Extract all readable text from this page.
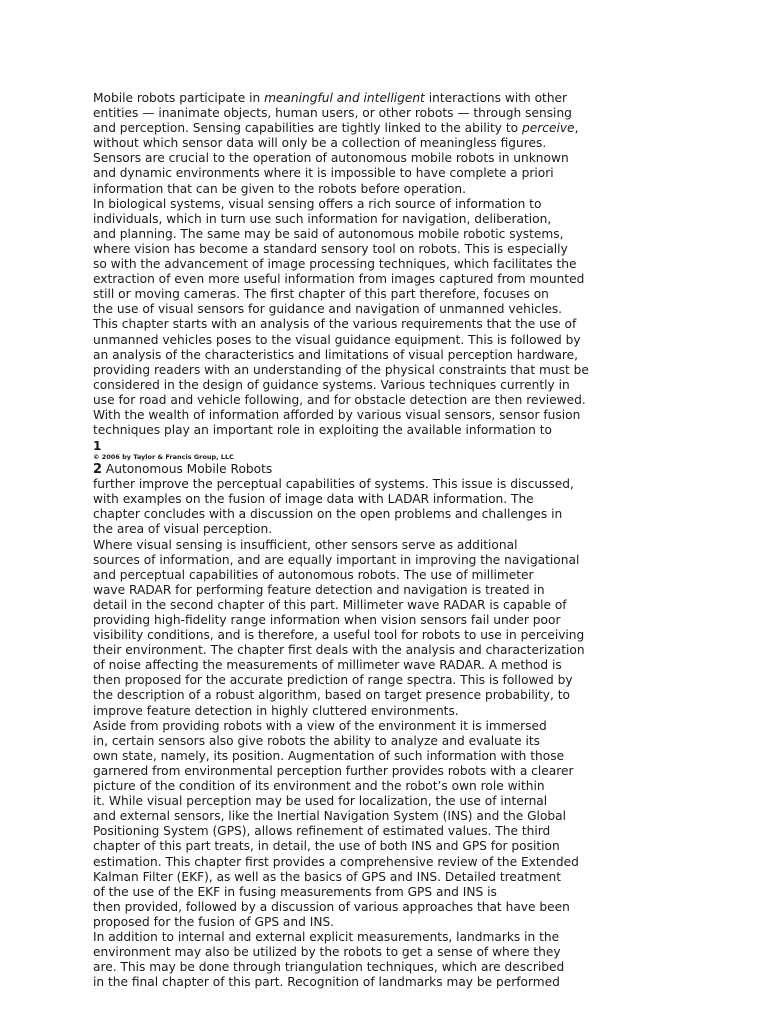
Mobile robots participate in meaningful and intelligent interactions with other
entities — inanimate objects, human users, or other robots — through sensing
and perception. Sensing capabilities are tightly linked to the ability to perceive,
without which sensor data will only be a collection of meaningless figures.
Sensors are crucial to the operation of autonomous mobile robots in unknown
and dynamic environments where it is impossible to have complete a priori
information that can be given to the robots before operation.
In biological systems, visual sensing offers a rich source of information to
individuals, which in turn use such information for navigation, deliberation,
and planning. The same may be said of autonomous mobile robotic systems,
where vision has become a standard sensory tool on robots. This is especially
so with the advancement of image processing techniques, which facilitates the
extraction of even more useful information from images captured from mounted
still or moving cameras. The first chapter of this part therefore, focuses on
the use of visual sensors for guidance and navigation of unmanned vehicles.
This chapter starts with an analysis of the various requirements that the use of
unmanned vehicles poses to the visual guidance equipment. This is followed by
an analysis of the characteristics and limitations of visual perception hardware,
providing readers with an understanding of the physical constraints that must be
considered in the design of guidance systems. Various techniques currently in
use for road and vehicle following, and for obstacle detection are then reviewed.
With the wealth of information afforded by various visual sensors, sensor fusion
techniques play an important role in exploiting the available information to
1
© 2006 by Taylor & Francis Group, LLC
2 Autonomous Mobile Robots
further improve the perceptual capabilities of systems. This issue is discussed,
with examples on the fusion of image data with LADAR information. The
chapter concludes with a discussion on the open problems and challenges in
the area of visual perception.
Where visual sensing is insufficient, other sensors serve as additional
sources of information, and are equally important in improving the navigational
and perceptual capabilities of autonomous robots. The use of millimeter
wave RADAR for performing feature detection and navigation is treated in
detail in the second chapter of this part. Millimeter wave RADAR is capable of
providing high-fidelity range information when vision sensors fail under poor
visibility conditions, and is therefore, a useful tool for robots to use in perceiving
their environment. The chapter first deals with the analysis and characterization
of noise affecting the measurements of millimeter wave RADAR. A method is
then proposed for the accurate prediction of range spectra. This is followed by
the description of a robust algorithm, based on target presence probability, to
improve feature detection in highly cluttered environments.
Aside from providing robots with a view of the environment it is immersed
in, certain sensors also give robots the ability to analyze and evaluate its
own state, namely, its position. Augmentation of such information with those
garnered from environmental perception further provides robots with a clearer
picture of the condition of its environment and the robot’s own role within
it. While visual perception may be used for localization, the use of internal
and external sensors, like the Inertial Navigation System (INS) and the Global
Positioning System (GPS), allows refinement of estimated values. The third
chapter of this part treats, in detail, the use of both INS and GPS for position
estimation. This chapter first provides a comprehensive review of the Extended
Kalman Filter (EKF), as well as the basics of GPS and INS. Detailed treatment
of the use of the EKF in fusing measurements from GPS and INS is
then provided, followed by a discussion of various approaches that have been
proposed for the fusion of GPS and INS.
In addition to internal and external explicit measurements, landmarks in the
environment may also be utilized by the robots to get a sense of where they
are. This may be done through triangulation techniques, which are described
in the final chapter of this part. Recognition of landmarks may be performed
